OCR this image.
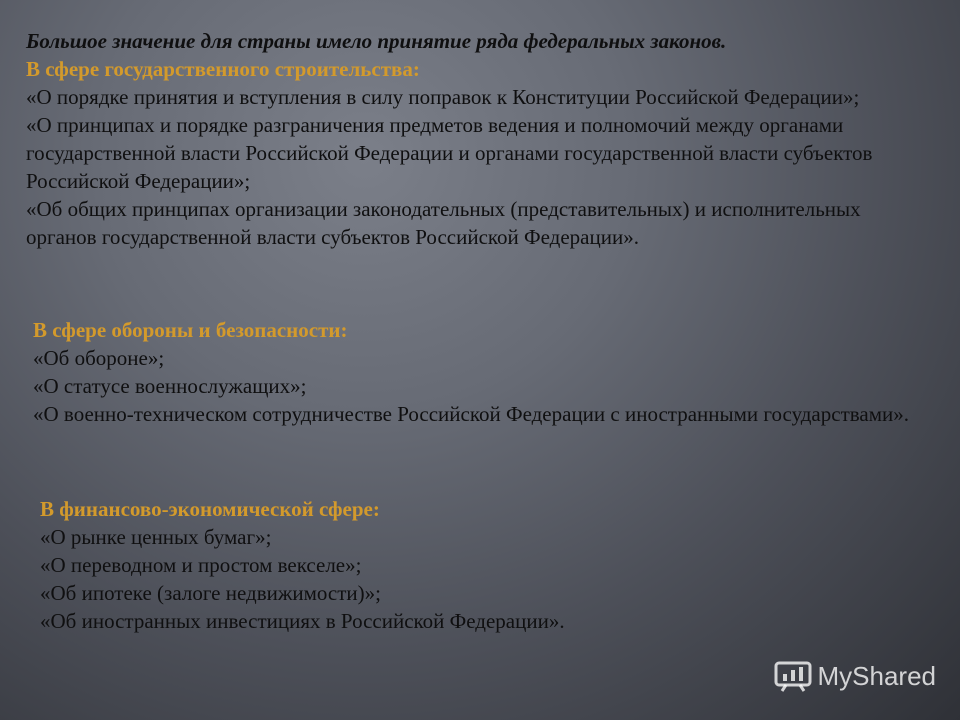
Большое значение для страны имело принятие ряда федеральных законов.

В сфере государственного строительства:

«О порядке принятия и вступления в силу поправок к Конституции Российской Федерации»;

«О принципах и порядке разграничения предметов ведения и полномочий между органами государственной власти Российской Федерации и органами государственной власти субъектов Российской Федерации»;

«Об общих принципах организации законодательных (представительных) и исполнительных органов государственной власти субъектов Российской Федерации».

В сфере обороны и безопасности:

«Об обороне»;

«О статусе военнослужащих»;

«О военно-техническом сотрудничестве Российской Федерации с иностранными государствами».

В финансово-экономической сфере:

«О рынке ценных бумаг»;

«О переводном и простом векселе»;

«Об ипотеке (залоге недвижимости)»;

«Об иностранных инвестициях в Российской Федерации».

MyShared
